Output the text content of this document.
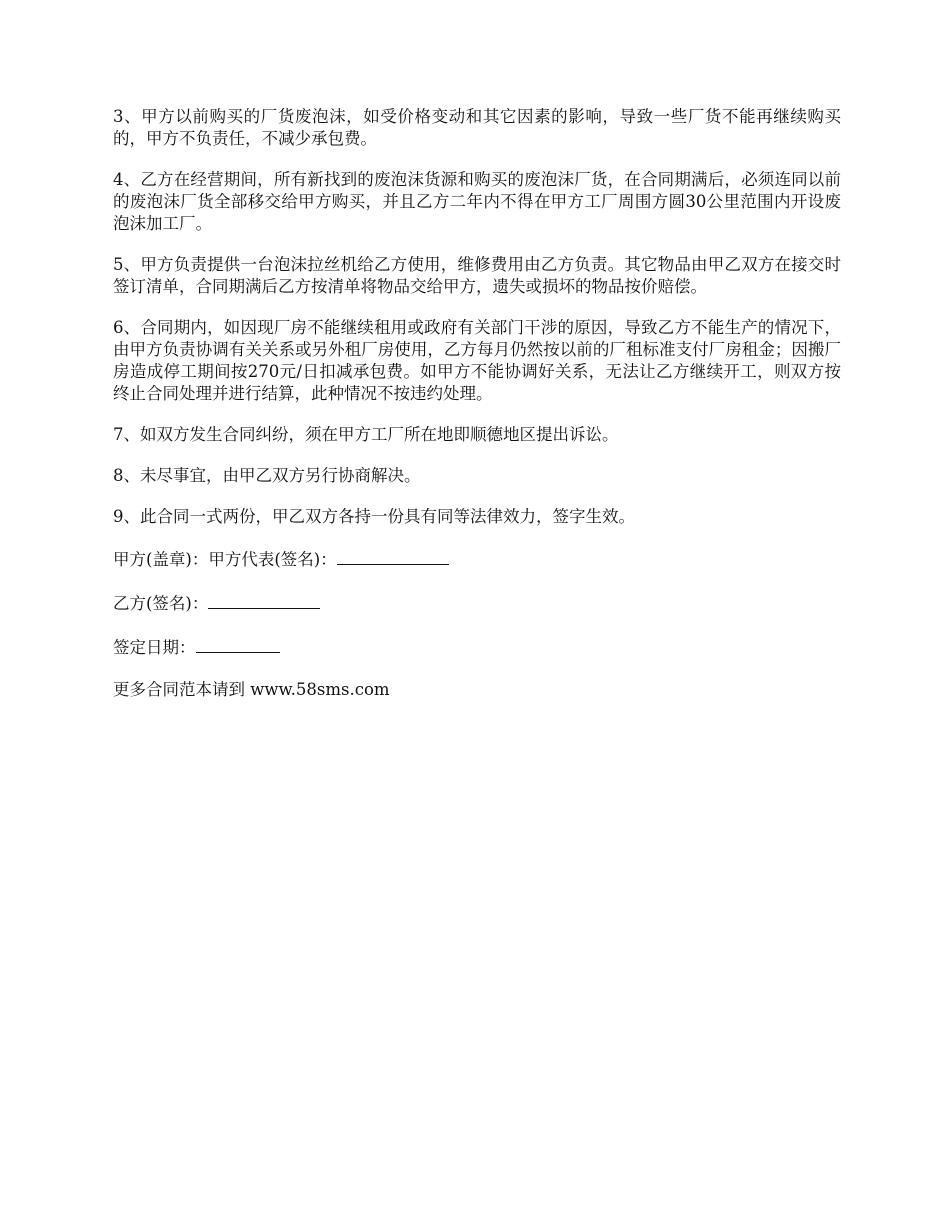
3、甲方以前购买的厂货废泡沫，如受价格变动和其它因素的影响，导致一些厂货不能再继续购买的，甲方不负责任，不减少承包费。

4、乙方在经营期间，所有新找到的废泡沫货源和购买的废泡沫厂货，在合同期满后，必须连同以前的废泡沫厂货全部移交给甲方购买，并且乙方二年内不得在甲方工厂周围方圆30公里范围内开设废泡沫加工厂。

5、甲方负责提供一台泡沫拉丝机给乙方使用，维修费用由乙方负责。其它物品由甲乙双方在接交时签订清单，合同期满后乙方按清单将物品交给甲方，遗失或损坏的物品按价赔偿。

6、合同期内，如因现厂房不能继续租用或政府有关部门干涉的原因，导致乙方不能生产的情况下，由甲方负责协调有关关系或另外租厂房使用，乙方每月仍然按以前的厂租标准支付厂房租金；因搬厂房造成停工期间按270元/日扣减承包费。如甲方不能协调好关系，无法让乙方继续开工，则双方按终止合同处理并进行结算，此种情况不按违约处理。

7、如双方发生合同纠纷，须在甲方工厂所在地即顺德地区提出诉讼。

8、未尽事宜，由甲乙双方另行协商解决。

9、此合同一式两份，甲乙双方各持一份具有同等法律效力，签字生效。

甲方(盖章)：甲方代表(签名)：
乙方(签名)：
签定日期：
更多合同范本请到 www.58sms.com
